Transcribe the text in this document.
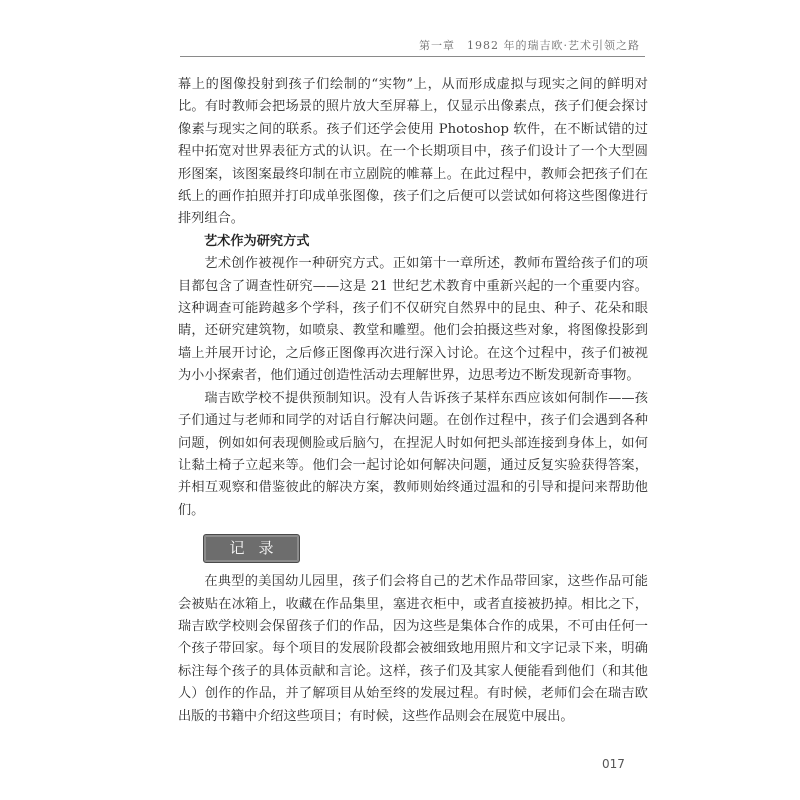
第一章　1982 年的瑞吉欧·艺术引领之路

幕上的图像投射到孩子们绘制的“实物”上，从而形成虚拟与现实之间的鲜明对比。有时教师会把场景的照片放大至屏幕上，仅显示出像素点，孩子们便会探讨像素与现实之间的联系。孩子们还学会使用 Photoshop 软件，在不断试错的过程中拓宽对世界表征方式的认识。在一个长期项目中，孩子们设计了一个大型圆形图案，该图案最终印制在市立剧院的帷幕上。在此过程中，教师会把孩子们在纸上的画作拍照并打印成单张图像，孩子们之后便可以尝试如何将这些图像进行排列组合。

艺术作为研究方式

艺术创作被视作一种研究方式。正如第十一章所述，教师布置给孩子们的项目都包含了调查性研究——这是 21 世纪艺术教育中重新兴起的一个重要内容。这种调查可能跨越多个学科，孩子们不仅研究自然界中的昆虫、种子、花朵和眼睛，还研究建筑物，如喷泉、教堂和雕塑。他们会拍摄这些对象，将图像投影到墙上并展开讨论，之后修正图像再次进行深入讨论。在这个过程中，孩子们被视为小小探索者，他们通过创造性活动去理解世界，边思考边不断发现新奇事物。

瑞吉欧学校不提供预制知识。没有人告诉孩子某样东西应该如何制作——孩子们通过与老师和同学的对话自行解决问题。在创作过程中，孩子们会遇到各种问题，例如如何表现侧脸或后脑勺，在捏泥人时如何把头部连接到身体上，如何让黏土椅子立起来等。他们会一起讨论如何解决问题，通过反复实验获得答案，并相互观察和借鉴彼此的解决方案，教师则始终通过温和的引导和提问来帮助他们。

记录

在典型的美国幼儿园里，孩子们会将自己的艺术作品带回家，这些作品可能会被贴在冰箱上，收藏在作品集里，塞进衣柜中，或者直接被扔掉。相比之下，瑞吉欧学校则会保留孩子们的作品，因为这些是集体合作的成果，不可由任何一个孩子带回家。每个项目的发展阶段都会被细致地用照片和文字记录下来，明确标注每个孩子的具体贡献和言论。这样，孩子们及其家人便能看到他们（和其他人）创作的作品，并了解项目从始至终的发展过程。有时候，老师们会在瑞吉欧出版的书籍中介绍这些项目；有时候，这些作品则会在展览中展出。

017
